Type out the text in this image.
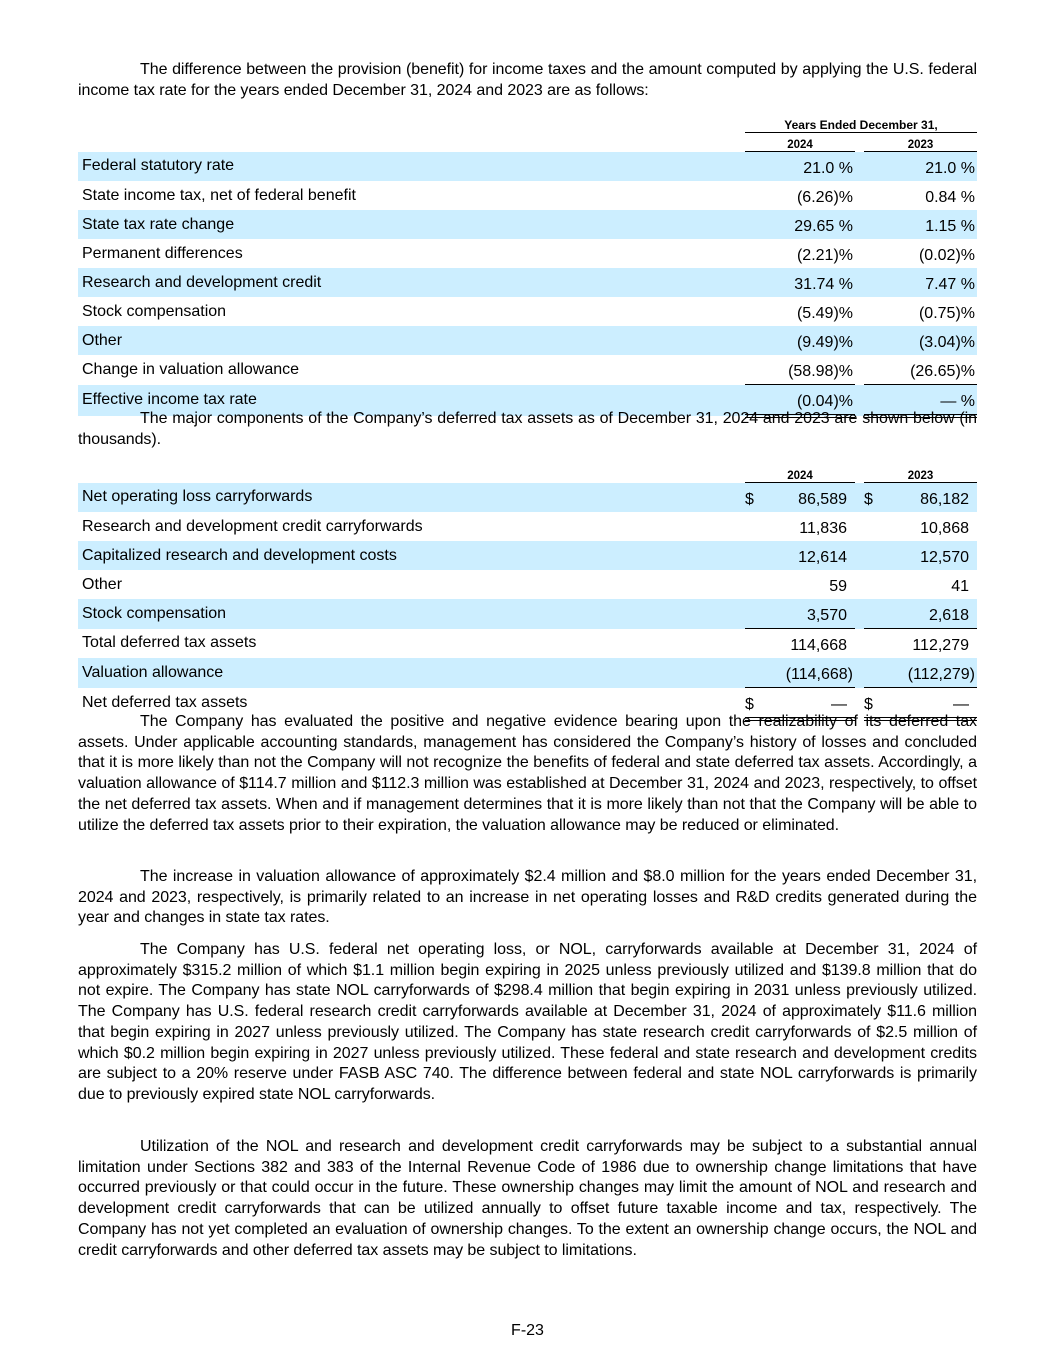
The difference between the provision (benefit) for income taxes and the amount computed by applying the U.S. federal income tax rate for the years ended December 31, 2024 and 2023 are as follows:

	Years Ended December 31,		
	2024		2023
Federal statutory rate	21.0 %		21.0 %
State income tax, net of federal benefit	(6.26)%		0.84 %
State tax rate change	29.65 %		1.15 %
Permanent differences	(2.21)%		(0.02)%
Research and development credit	31.74 %		7.47 %
Stock compensation	(5.49)%		(0.75)%
Other	(9.49)%		(3.04)%
Change in valuation allowance	(58.98)%		(26.65)%
Effective income tax rate	(0.04)%		— %

The major components of the Company’s deferred tax assets as of December 31, 2024 and 2023 are shown below (in thousands).

	2024			2023	
Net operating loss carryforwards	$	86,589		$	86,182
Research and development credit carryforwards		11,836			10,868
Capitalized research and development costs		12,614			12,570
Other		59			41
Stock compensation		3,570			2,618
Total deferred tax assets		114,668			112,279
Valuation allowance		(114,668)			(112,279)
Net deferred tax assets	$	—		$	—

The Company has evaluated the positive and negative evidence bearing upon the realizability of its deferred tax assets. Under applicable accounting standards, management has considered the Company’s history of losses and concluded that it is more likely than not the Company will not recognize the benefits of federal and state deferred tax assets. Accordingly, a valuation allowance of $114.7 million and $112.3 million was established at December 31, 2024 and 2023, respectively, to offset the net deferred tax assets. When and if management determines that it is more likely than not that the Company will be able to utilize the deferred tax assets prior to their expiration, the valuation allowance may be reduced or eliminated.

The increase in valuation allowance of approximately $2.4 million and $8.0 million for the years ended December 31, 2024 and 2023, respectively, is primarily related to an increase in net operating losses and R&D credits generated during the year and changes in state tax rates.

The Company has U.S. federal net operating loss, or NOL, carryforwards available at December 31, 2024 of approximately $315.2 million of which $1.1 million begin expiring in 2025 unless previously utilized and $139.8 million that do not expire. The Company has state NOL carryforwards of $298.4 million that begin expiring in 2031 unless previously utilized. The Company has U.S. federal research credit carryforwards available at December 31, 2024 of approximately $11.6 million that begin expiring in 2027 unless previously utilized. The Company has state research credit carryforwards of $2.5 million of which $0.2 million begin expiring in 2027 unless previously utilized. These federal and state research and development credits are subject to a 20% reserve under FASB ASC 740. The difference between federal and state NOL carryforwards is primarily due to previously expired state NOL carryforwards.

Utilization of the NOL and research and development credit carryforwards may be subject to a substantial annual limitation under Sections 382 and 383 of the Internal Revenue Code of 1986 due to ownership change limitations that have occurred previously or that could occur in the future. These ownership changes may limit the amount of NOL and research and development credit carryforwards that can be utilized annually to offset future taxable income and tax, respectively. The Company has not yet completed an evaluation of ownership changes. To the extent an ownership change occurs, the NOL and credit carryforwards and other deferred tax assets may be subject to limitations.

F-23
